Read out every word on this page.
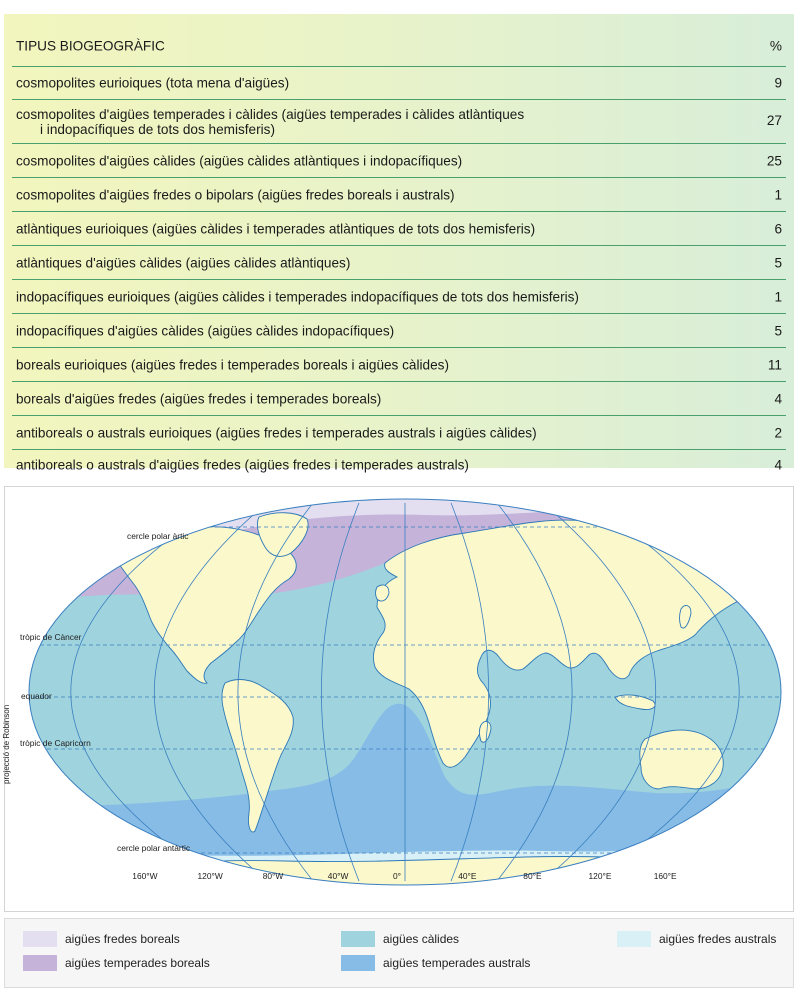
TIPUS BIOGEOGRÀFIC	%
cosmopolites eurioiques (tota mena d'aigües)	9
cosmopolites d'aigües temperades i càlides (aigües temperades i càlides atlàntiques
i indopacífiques de tots dos hemisferis)
27
cosmopolites d'aigües càlides (aigües càlides atlàntiques i indopacífiques)	25
cosmopolites d'aigües fredes o bipolars (aigües fredes boreals i australs)	1
atlàntiques eurioiques (aigües càlides i temperades atlàntiques de tots dos hemisferis)	6
atlàntiques d'aigües càlides (aigües càlides atlàntiques)	5
indopacífiques eurioiques (aigües càlides i temperades indopacífiques de tots dos hemisferis)	1
indopacífiques d'aigües càlides (aigües càlides indopacífiques)	5
boreals eurioiques (aigües fredes i temperades boreals i aigües càlides)	11
boreals d'aigües fredes (aigües fredes i temperades boreals)	4
antiboreals o australs eurioiques (aigües fredes i temperades australs i aigües càlides)	2
antiboreals o australs d'aigües fredes (aigües fredes i temperades australs)	4
cercle polar àrtic
tròpic de Càncer
equador
tròpic de Capricorn
cercle polar antàrtic
160°W	120°W	80°W	40°W	0°	40°E	80°E	120°E	160°E
projecció de Robinson
aigües fredes boreals
aigües temperades boreals
aigües càlides
aigües temperades australs
aigües fredes australs
